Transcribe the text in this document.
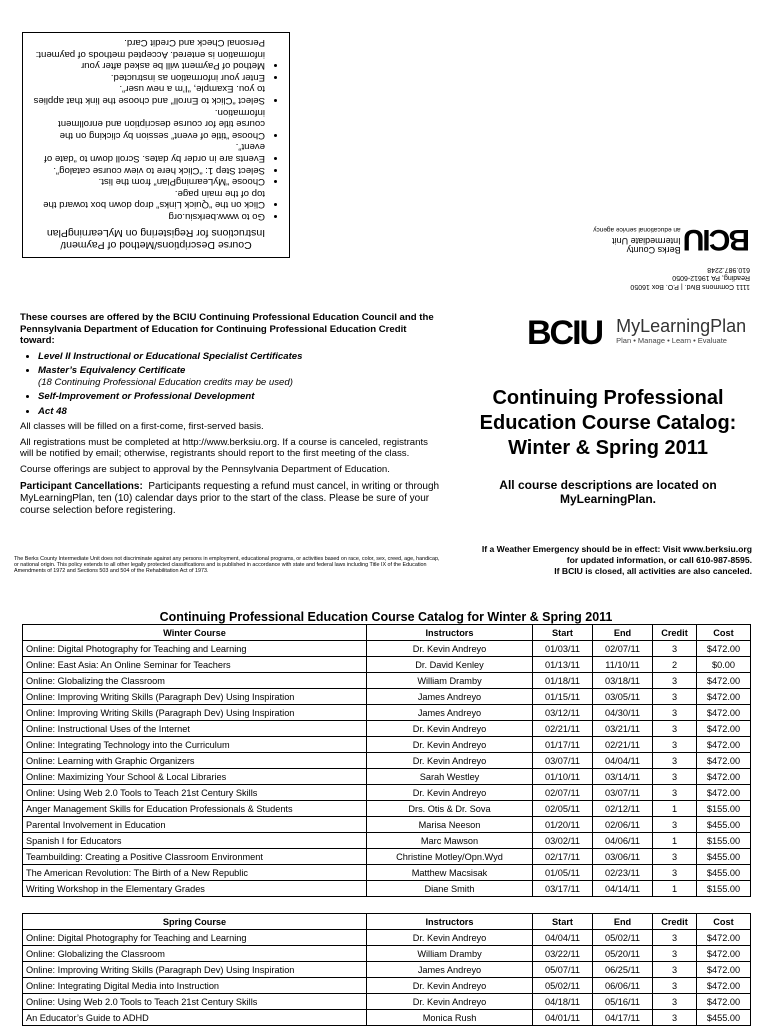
Course Descriptions/Method of Payment/ Instructions for Registering on MyLearningPlan
• Go to www.berksiu.org
• Click on the “Quick Links” drop down box toward the top of the main page.
• Choose “MyLearningPlan” from the list.
• Select Step 1: “Click here to view course catalog”.
• Events are in order by dates. Scroll down to “date of event”.
• Choose “title of event” session by clicking on the course title for course description and enrollment information.
• Select “Click to Enroll” and choose the link that applies to you. Example, “I’m a new user”.
• Enter your information as instructed.
• Method of Payment will be asked after your information is entered. Accepted methods of payment: Personal Check and Credit Card.
1111 Commons Blvd. | P.O. Box 16050
Reading, PA 19612-6050
610.987.2248
BCIU
Berks County
Intermediate Unit
an educational service agency
These courses are offered by the BCIU Continuing Professional Education Council and the Pennsylvania Department of Education for Continuing Professional Education Credit toward:
• Level II Instructional or Educational Specialist Certificates
• Master’s Equivalency Certificate
(18 Continuing Professional Education credits may be used)
• Self-Improvement or Professional Development
• Act 48

All classes will be filled on a first-come, first-served basis.

All registrations must be completed at http://www.berksiu.org. If a course is canceled, registrants will be notified by email; otherwise, registrants should report to the first meeting of the class.

Course offerings are subject to approval by the Pennsylvania Department of Education.

Participant Cancellations: Participants requesting a refund must cancel, in writing or through MyLearningPlan, ten (10) calendar days prior to the start of the class. Please be sure of your course selection before registering.

The Berks County Intermediate Unit does not discriminate against any persons in employment, educational programs, or activities based on race, color, sex, creed, age, handicap, or national origin. This policy extends to all other legally protected classifications and is published in accordance with state and federal laws including Title IX of the Education Amendments of 1972 and Sections 503 and 504 of the Rehabilitation Act of 1973.
BCIU MyLearningPlan
Plan • Manage • Learn • Evaluate
Continuing Professional
Education Course Catalog:
Winter & Spring 2011
All course descriptions are located on
MyLearningPlan.
If a Weather Emergency should be in effect: Visit www.berksiu.org
for updated information, or call 610-987-8595.
If BCIU is closed, all activities are also canceled.
Continuing Professional Education Course Catalog for Winter & Spring 2011
Winter Course	Instructors	Start	End	Credit	Cost
Online: Digital Photography for Teaching and Learning	Dr. Kevin Andreyo	01/03/11	02/07/11	3	$472.00
Online: East Asia: An Online Seminar for Teachers	Dr. David Kenley	01/13/11	11/10/11	2	$0.00
Online: Globalizing the Classroom	William Dramby	01/18/11	03/18/11	3	$472.00
Online: Improving Writing Skills (Paragraph Dev) Using Inspiration	James Andreyo	01/15/11	03/05/11	3	$472.00
Online: Improving Writing Skills (Paragraph Dev) Using Inspiration	James Andreyo	03/12/11	04/30/11	3	$472.00
Online: Instructional Uses of the Internet	Dr. Kevin Andreyo	02/21/11	03/21/11	3	$472.00
Online: Integrating Technology into the Curriculum	Dr. Kevin Andreyo	01/17/11	02/21/11	3	$472.00
Online: Learning with Graphic Organizers	Dr. Kevin Andreyo	03/07/11	04/04/11	3	$472.00
Online: Maximizing Your School & Local Libraries	Sarah Westley	01/10/11	03/14/11	3	$472.00
Online: Using Web 2.0 Tools to Teach 21st Century Skills	Dr. Kevin Andreyo	02/07/11	03/07/11	3	$472.00
Anger Management Skills for Education Professionals & Students	Drs. Otis & Dr. Sova	02/05/11	02/12/11	1	$155.00
Parental Involvement in Education	Marisa Neeson	01/20/11	02/06/11	3	$455.00
Spanish I for Educators	Marc Mawson	03/02/11	04/06/11	1	$155.00
Teambuilding: Creating a Positive Classroom Environment	Christine Motley/Opn.Wyd	02/17/11	03/06/11	3	$455.00
The American Revolution: The Birth of a New Republic	Matthew Macsisak	01/05/11	02/23/11	3	$455.00
Writing Workshop in the Elementary Grades	Diane Smith	03/17/11	04/14/11	1	$155.00
Spring Course	Instructors	Start	End	Credit	Cost
Online: Digital Photography for Teaching and Learning	Dr. Kevin Andreyo	04/04/11	05/02/11	3	$472.00
Online: Globalizing the Classroom	William Dramby	03/22/11	05/20/11	3	$472.00
Online: Improving Writing Skills (Paragraph Dev) Using Inspiration	James Andreyo	05/07/11	06/25/11	3	$472.00
Online: Integrating Digital Media into Instruction	Dr. Kevin Andreyo	05/02/11	06/06/11	3	$472.00
Online: Using Web 2.0 Tools to Teach 21st Century Skills	Dr. Kevin Andreyo	04/18/11	05/16/11	3	$472.00
An Educator’s Guide to ADHD	Monica Rush	04/01/11	04/17/11	3	$455.00
